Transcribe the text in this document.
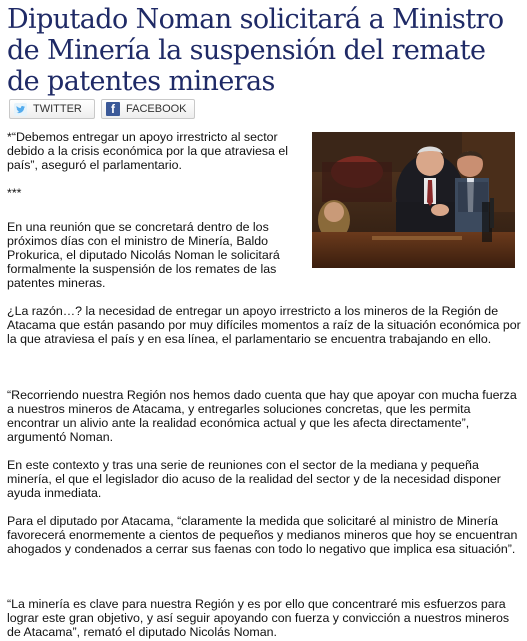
Diputado Noman solicitará a Ministro de Minería la suspensión del remate de patentes mineras
TWITTER	f	FACEBOOK

*“Debemos entregar un apoyo irrestricto al sector debido a la crisis económica por la que atraviesa el país”, aseguró el parlamentario.

***

En una reunión que se concretará dentro de los próximos días con el ministro de Minería, Baldo Prokurica, el diputado Nicolás Noman le solicitará formalmente la suspensión de los remates de las patentes mineras.

¿La razón…? la necesidad de entregar un apoyo irrestricto a los mineros de la Región de Atacama que están pasando por muy difíciles momentos a raíz de la situación económica por la que atraviesa el país y en esa línea, el parlamentario se encuentra trabajando en ello.

“Recorriendo nuestra Región nos hemos dado cuenta que hay que apoyar con mucha fuerza a nuestros mineros de Atacama, y entregarles soluciones concretas, que les permita encontrar un alivio ante la realidad económica actual y que les afecta directamente”, argumentó Noman.

En este contexto y tras una serie de reuniones con el sector de la mediana y pequeña minería, el que el legislador dio acuso de la realidad del sector y de la necesidad disponer ayuda inmediata.

Para el diputado por Atacama, “claramente la medida que solicitaré al ministro de Minería favorecerá enormemente a cientos de pequeños y medianos mineros que hoy se encuentran ahogados y condenados a cerrar sus faenas con todo lo negativo que implica esa situación”.

“La minería es clave para nuestra Región y es por ello que concentraré mis esfuerzos para lograr este gran objetivo, y así seguir apoyando con fuerza y convicción a nuestros mineros de Atacama”, remató el diputado Nicolás Noman.
